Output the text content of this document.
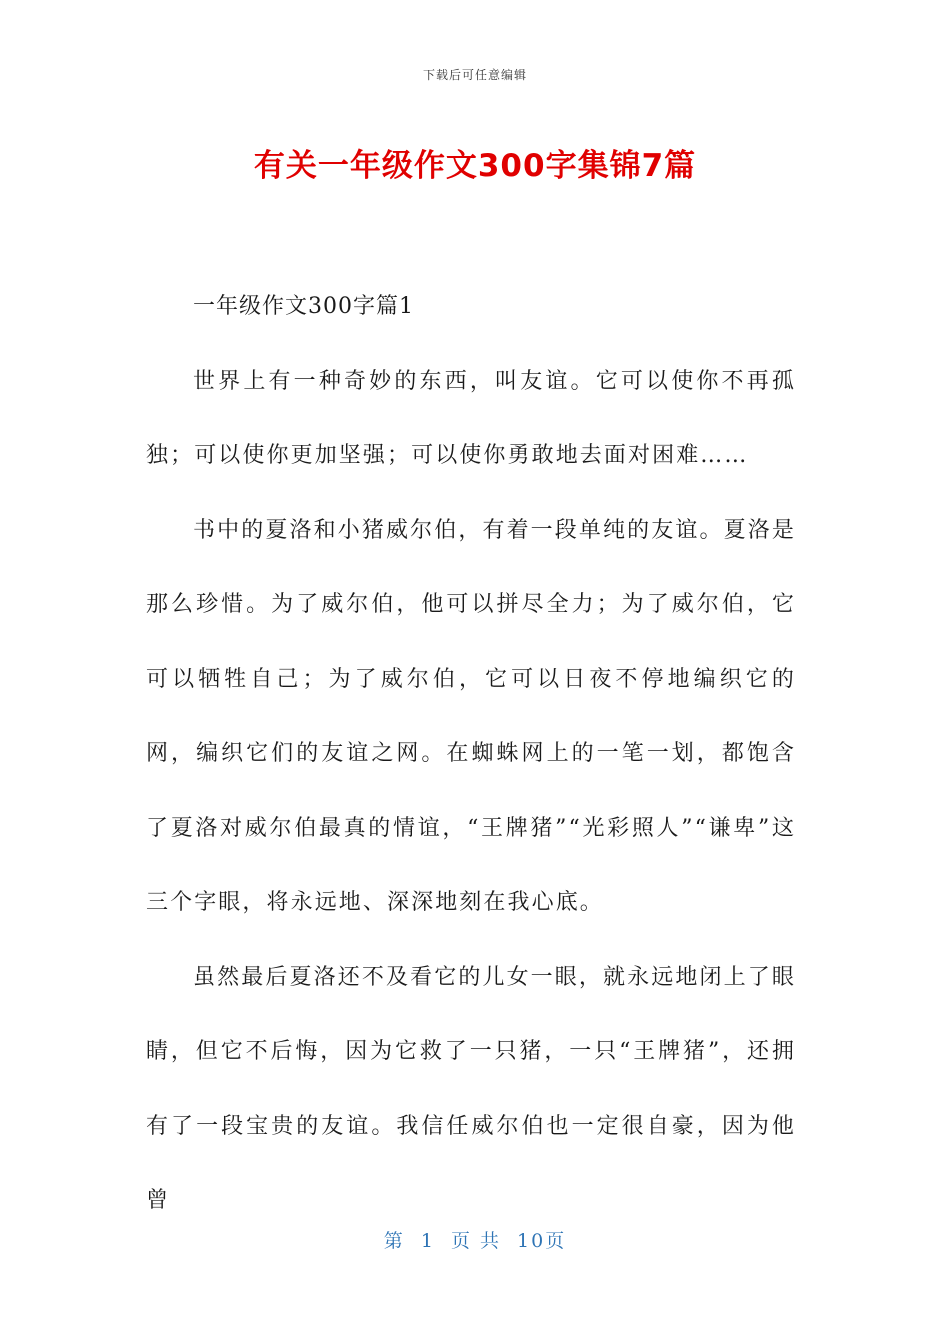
下载后可任意编辑
有关一年级作文300字集锦7篇

一年级作文300字篇1

世界上有一种奇妙的东西，叫友谊。它可以使你不再孤独；可以使你更加坚强；可以使你勇敢地去面对困难……

书中的夏洛和小猪威尔伯，有着一段单纯的友谊。夏洛是那么珍惜。为了威尔伯，他可以拼尽全力；为了威尔伯，它可以牺牲自己；为了威尔伯，它可以日夜不停地编织它的网，编织它们的友谊之网。在蜘蛛网上的一笔一划，都饱含了夏洛对威尔伯最真的情谊，“王牌猪”“光彩照人”“谦卑”这三个字眼，将永远地、深深地刻在我心底。

虽然最后夏洛还不及看它的儿女一眼，就永远地闭上了眼睛，但它不后悔，因为它救了一只猪，一只“王牌猪”，还拥有了一段宝贵的友谊。我信任威尔伯也一定很自豪，因为他曾

第 1 页 共 10页
